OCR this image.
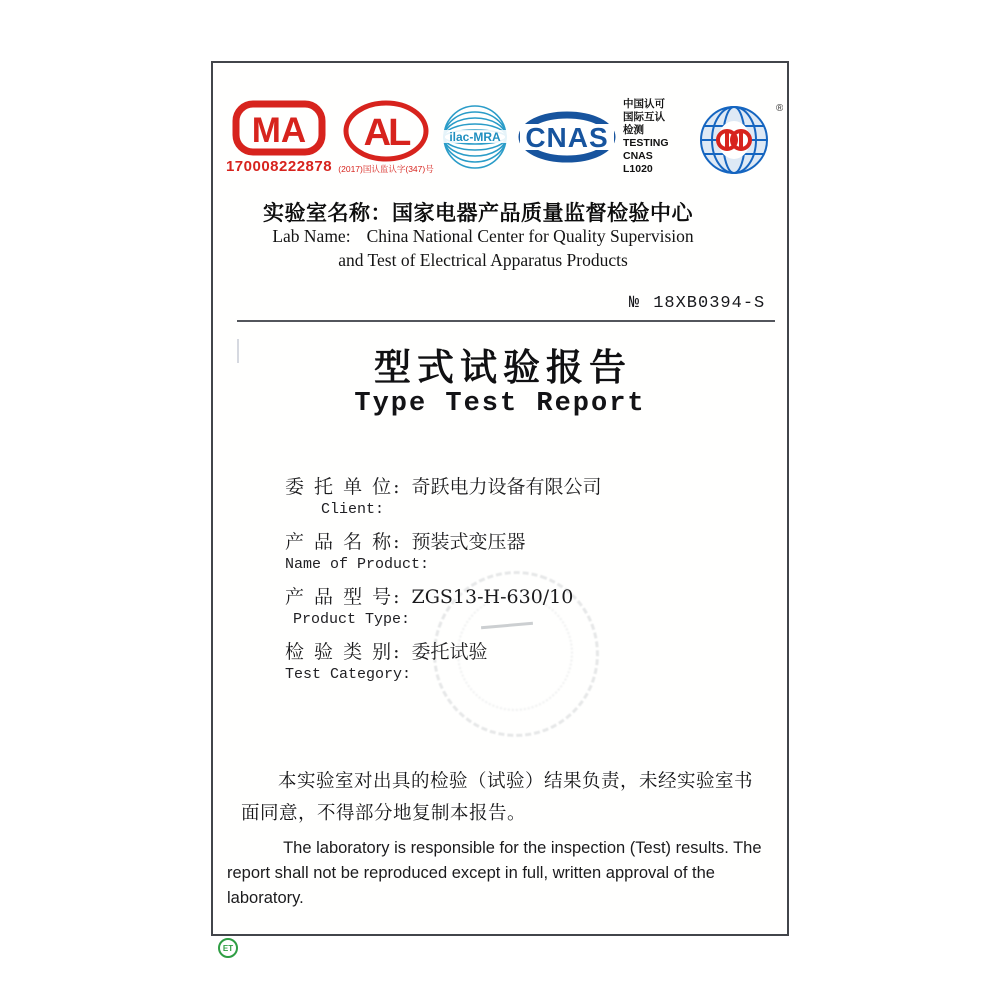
MA
170008222878
AL
(2017)国认监认字(347)号
ilac-MRA CNAS
中国认可
国际互认
检测
TESTING
CNAS L1020
®
实验室名称：国家电器产品质量监督检验中心
Lab Name: China National Center for Quality Supervision
and Test of Electrical Apparatus Products
№ 18XB0394-S
型式试验报告
Type Test Report
委 托 单 位: 奇跃电力设备有限公司
Client:
产 品 名 称: 预装式变压器
Name of Product:
产 品 型 号: ZGS13-H-630/10
Product Type:
检 验 类 别: 委托试验
Test Category:
本实验室对出具的检验（试验）结果负责，未经实验室书面同意，不得部分地复制本报告。
The laboratory is responsible for the inspection (Test) results. The report shall not be reproduced except in full, written approval of the laboratory.
ET
